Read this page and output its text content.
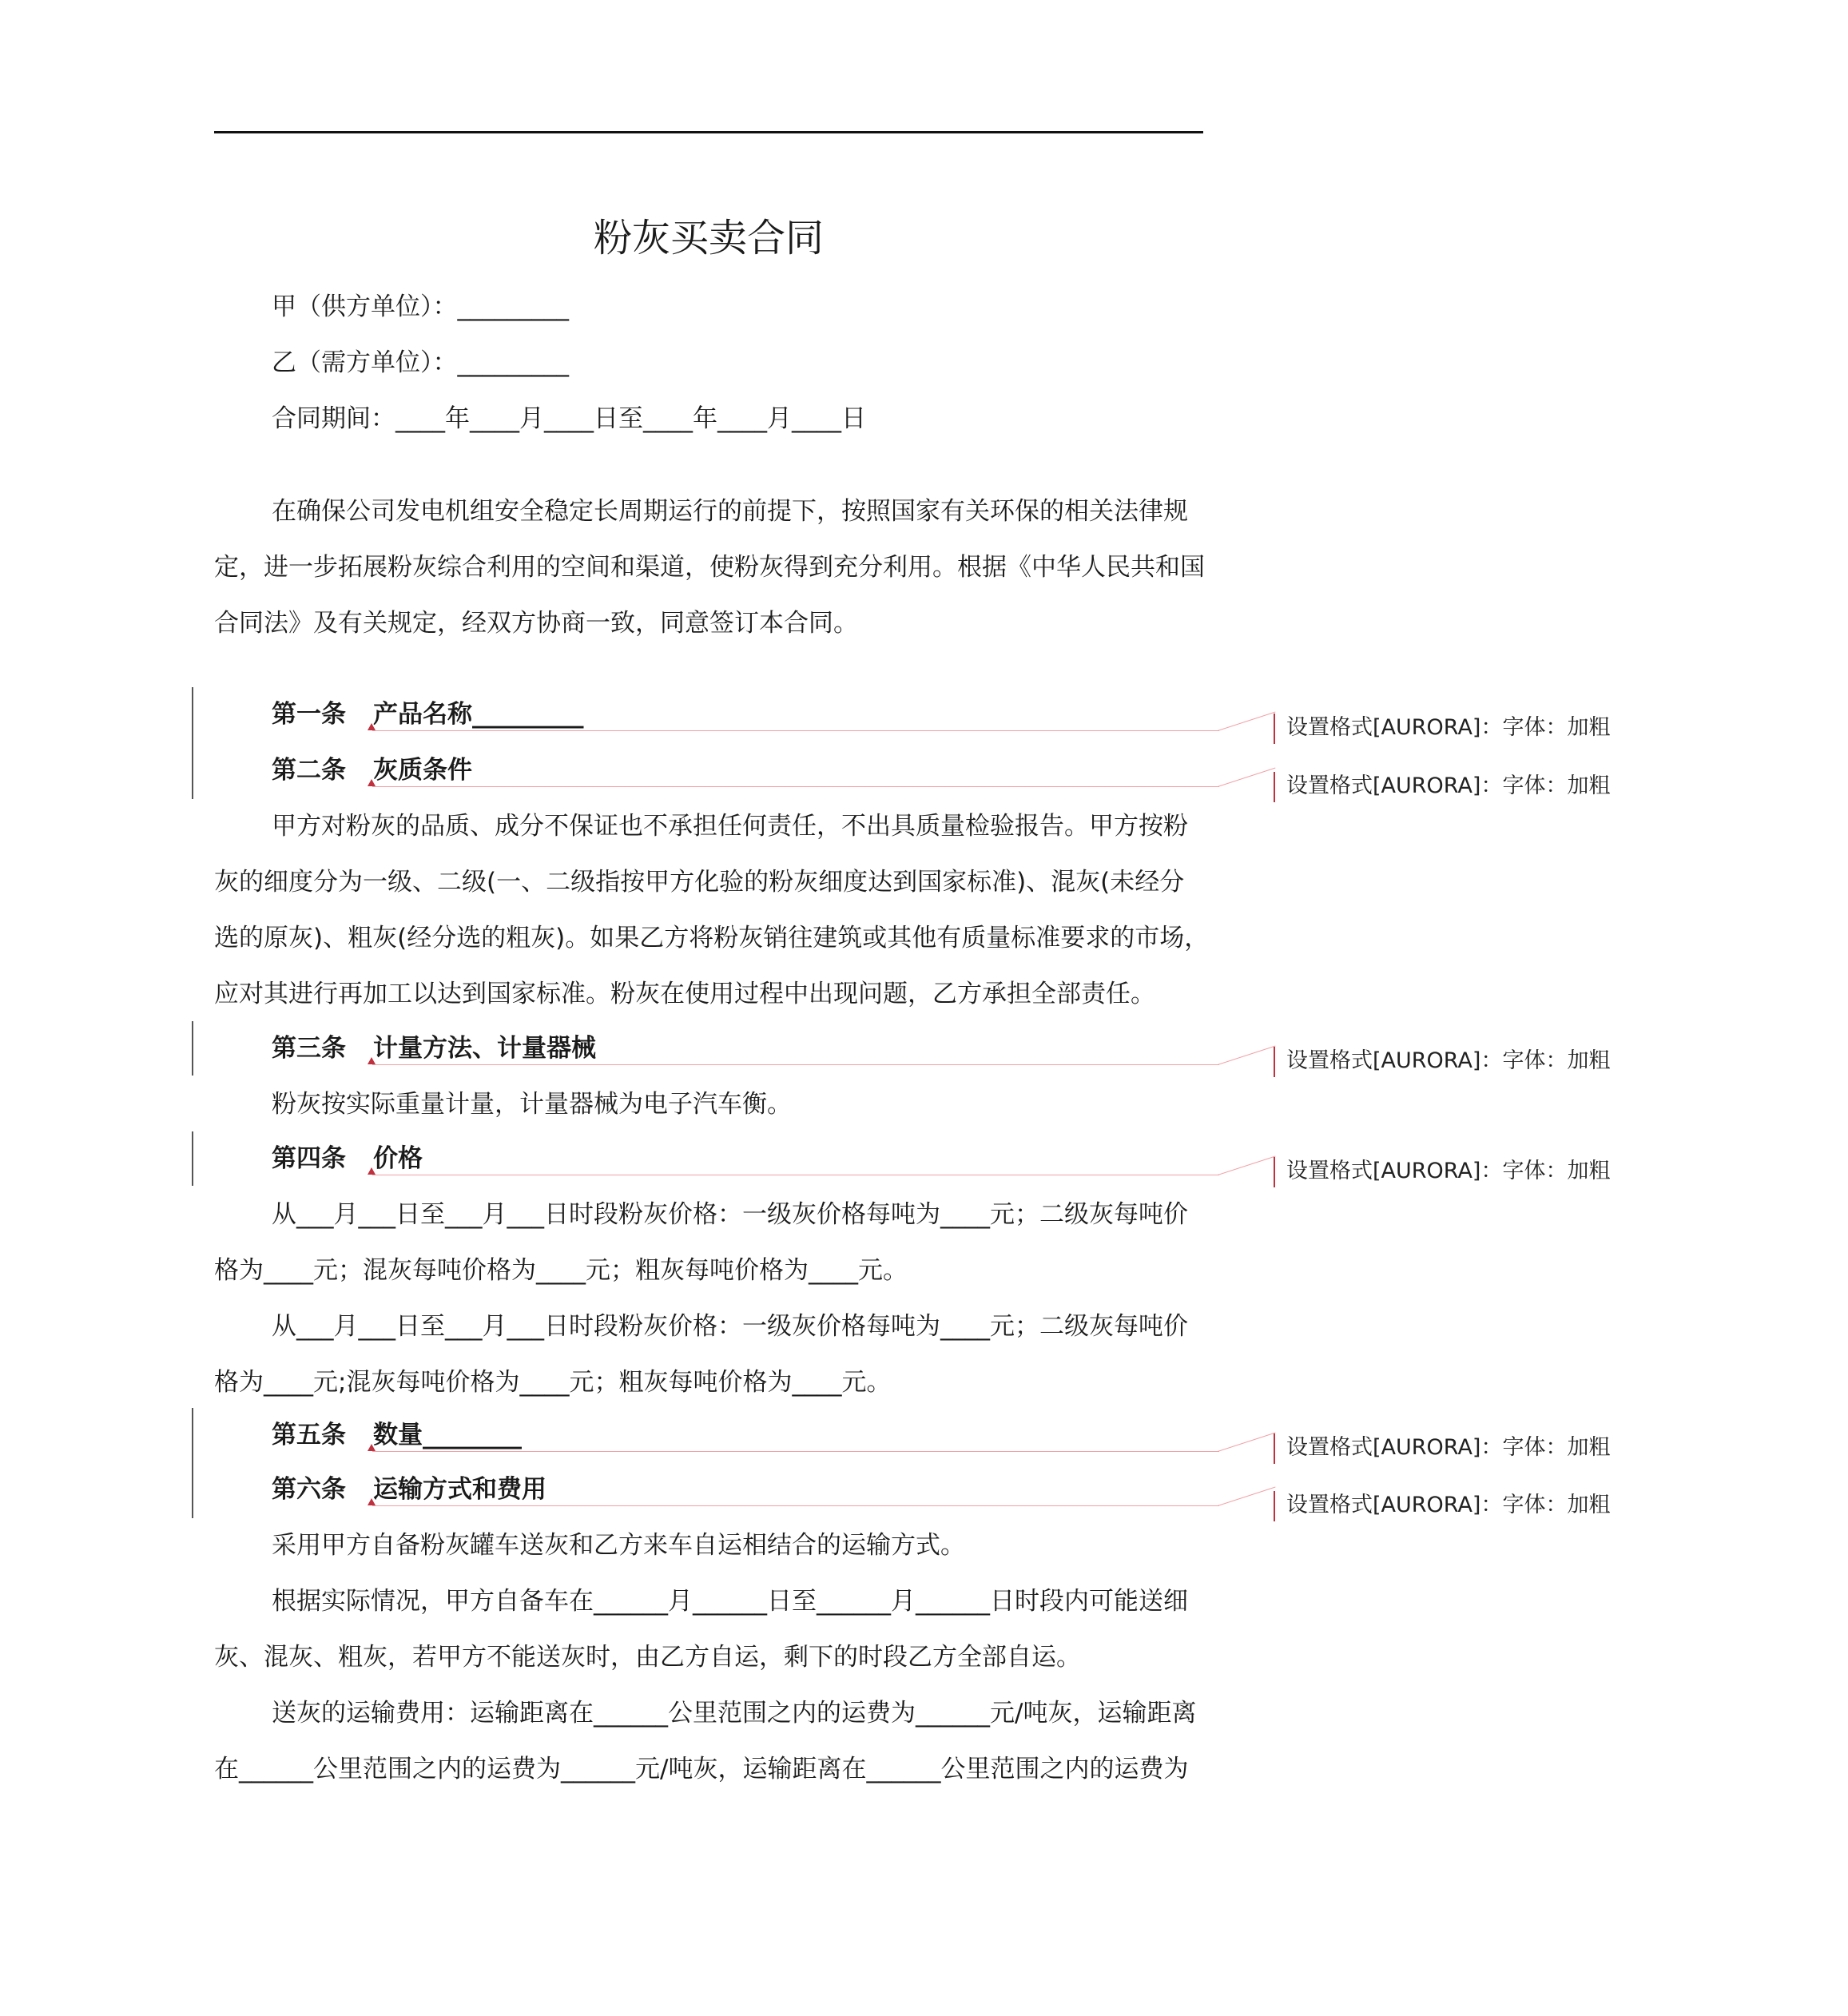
粉灰买卖合同
甲（供方单位）：_________
乙（需方单位）：_________
合同期间：____年____月____日至____年____月____日
在确保公司发电机组安全稳定长周期运行的前提下，按照国家有关环保的相关法律规
定，进一步拓展粉灰综合利用的空间和渠道，使粉灰得到充分利用。根据《中华人民共和国
合同法》及有关规定，经双方协商一致，同意签订本合同。
第一条 产品名称_________	设置格式[AURORA]：字体：加粗
第二条 灰质条件
设置格式[AURORA]：字体：加粗
甲方对粉灰的品质、成分不保证也不承担任何责任，不出具质量检验报告。甲方按粉
灰的细度分为一级、二级(一、二级指按甲方化验的粉灰细度达到国家标准)、混灰(未经分
选的原灰)、粗灰(经分选的粗灰)。如果乙方将粉灰销往建筑或其他有质量标准要求的市场，
应对其进行再加工以达到国家标准。粉灰在使用过程中出现问题，乙方承担全部责任。
第三条 计量方法、计量器械	设置格式[AURORA]：字体：加粗
粉灰按实际重量计量，计量器械为电子汽车衡。
第四条 价格	设置格式[AURORA]：字体：加粗
从___月___日至___月___日时段粉灰价格：一级灰价格每吨为____元；二级灰每吨价
格为____元；混灰每吨价格为____元；粗灰每吨价格为____元。
从___月___日至___月___日时段粉灰价格：一级灰价格每吨为____元；二级灰每吨价
格为____元;混灰每吨价格为____元；粗灰每吨价格为____元。
第五条 数量________	设置格式[AURORA]：字体：加粗
第六条 运输方式和费用
设置格式[AURORA]：字体：加粗
采用甲方自备粉灰罐车送灰和乙方来车自运相结合的运输方式。
根据实际情况，甲方自备车在______月______日至______月______日时段内可能送细
灰、混灰、粗灰，若甲方不能送灰时，由乙方自运，剩下的时段乙方全部自运。
送灰的运输费用：运输距离在______公里范围之内的运费为______元/吨灰，运输距离
在______公里范围之内的运费为______元/吨灰，运输距离在______公里范围之内的运费为
